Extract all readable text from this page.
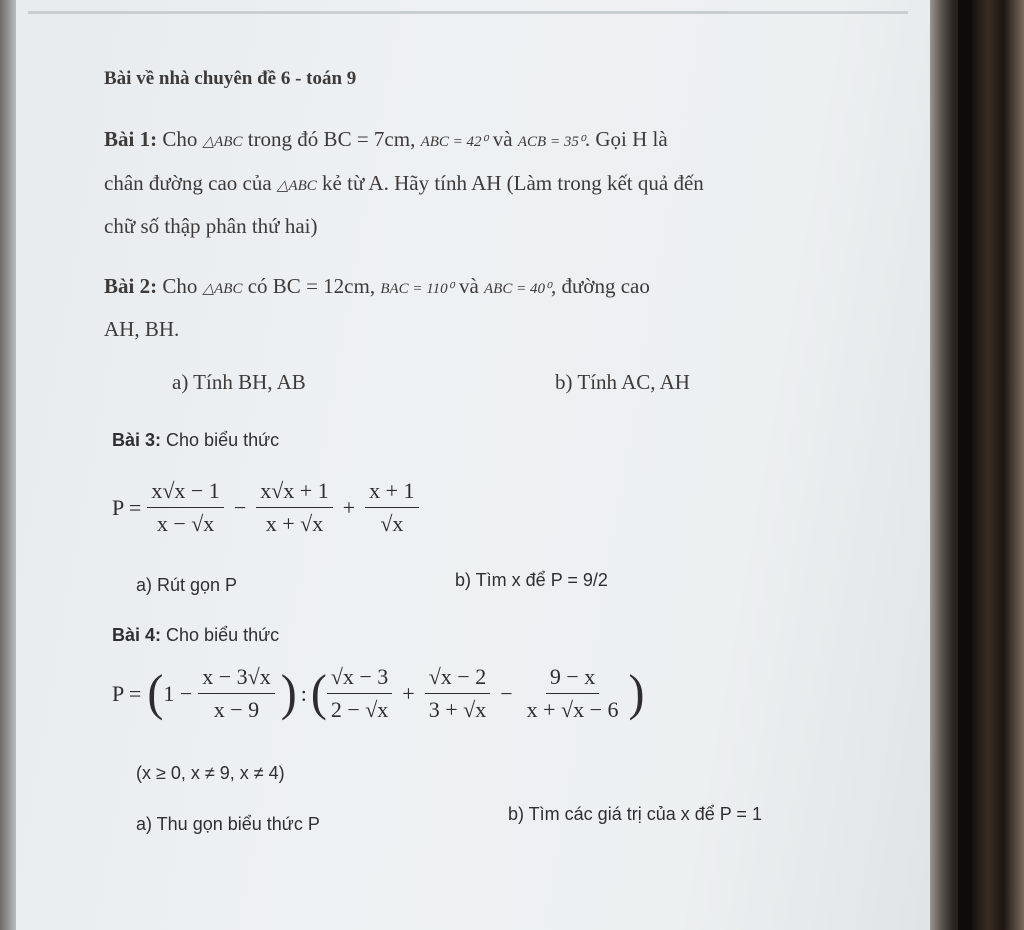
Bài về nhà chuyên đề 6 - toán 9
Bài 1: Cho △ABC trong đó BC = 7cm, ABC = 42⁰ và ACB = 35⁰. Gọi H là
chân đường cao của △ABC kẻ từ A. Hãy tính AH (Làm trong kết quả đến
chữ số thập phân thứ hai)
Bài 2: Cho △ABC có BC = 12cm, BAC = 110⁰ và ABC = 40⁰, đường cao
AH, BH.
a) Tính BH, AB	b) Tính AC, AH
Bài 3: Cho biểu thức
$P = \frac{x√x - 1}{x - √x} - \frac{x√x + 1}{x + √x} + \frac{x + 1}{√x}$
a) Rút gọn P	b) Tìm x để P = 9/2
Bài 4: Cho biểu thức
P = ( $1 - \frac{x - 3√x}{x - 9}$ ) : ( $\frac{√x - 3}{2 - √x} + \frac{√x - 2}{3 + √x} - \frac{9 - x}{x + √x - 6}$ )
(x ≥ 0, x ≠ 9, x ≠ 4)
a) Thu gọn biểu thức P	b) Tìm các giá trị của x để P = 1
